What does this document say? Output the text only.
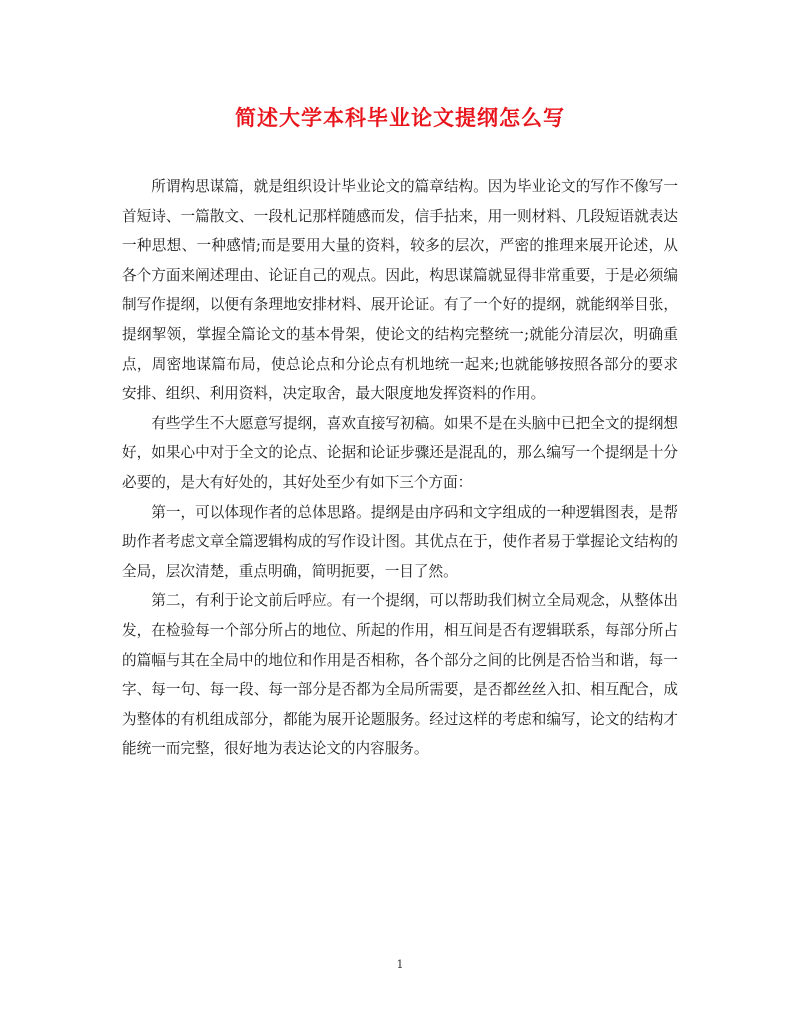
简述大学本科毕业论文提纲怎么写

所谓构思谋篇，就是组织设计毕业论文的篇章结构。因为毕业论文的写作不像写一首短诗、一篇散文、一段札记那样随感而发，信手拈来，用一则材料、几段短语就表达一种思想、一种感情;而是要用大量的资料，较多的层次，严密的推理来展开论述，从各个方面来阐述理由、论证自己的观点。因此，构思谋篇就显得非常重要，于是必须编制写作提纲，以便有条理地安排材料、展开论证。有了一个好的提纲，就能纲举目张，提纲挈领，掌握全篇论文的基本骨架，使论文的结构完整统一;就能分清层次，明确重点，周密地谋篇布局，使总论点和分论点有机地统一起来;也就能够按照各部分的要求安排、组织、利用资料，决定取舍，最大限度地发挥资料的作用。

有些学生不大愿意写提纲，喜欢直接写初稿。如果不是在头脑中已把全文的提纲想好，如果心中对于全文的论点、论据和论证步骤还是混乱的，那么编写一个提纲是十分必要的，是大有好处的，其好处至少有如下三个方面：

第一，可以体现作者的总体思路。提纲是由序码和文字组成的一种逻辑图表，是帮助作者考虑文章全篇逻辑构成的写作设计图。其优点在于，使作者易于掌握论文结构的全局，层次清楚，重点明确，简明扼要，一目了然。

第二，有利于论文前后呼应。有一个提纲，可以帮助我们树立全局观念，从整体出发，在检验每一个部分所占的地位、所起的作用，相互间是否有逻辑联系，每部分所占的篇幅与其在全局中的地位和作用是否相称，各个部分之间的比例是否恰当和谐，每一字、每一句、每一段、每一部分是否都为全局所需要，是否都丝丝入扣、相互配合，成为整体的有机组成部分，都能为展开论题服务。经过这样的考虑和编写，论文的结构才能统一而完整，很好地为表达论文的内容服务。

1
